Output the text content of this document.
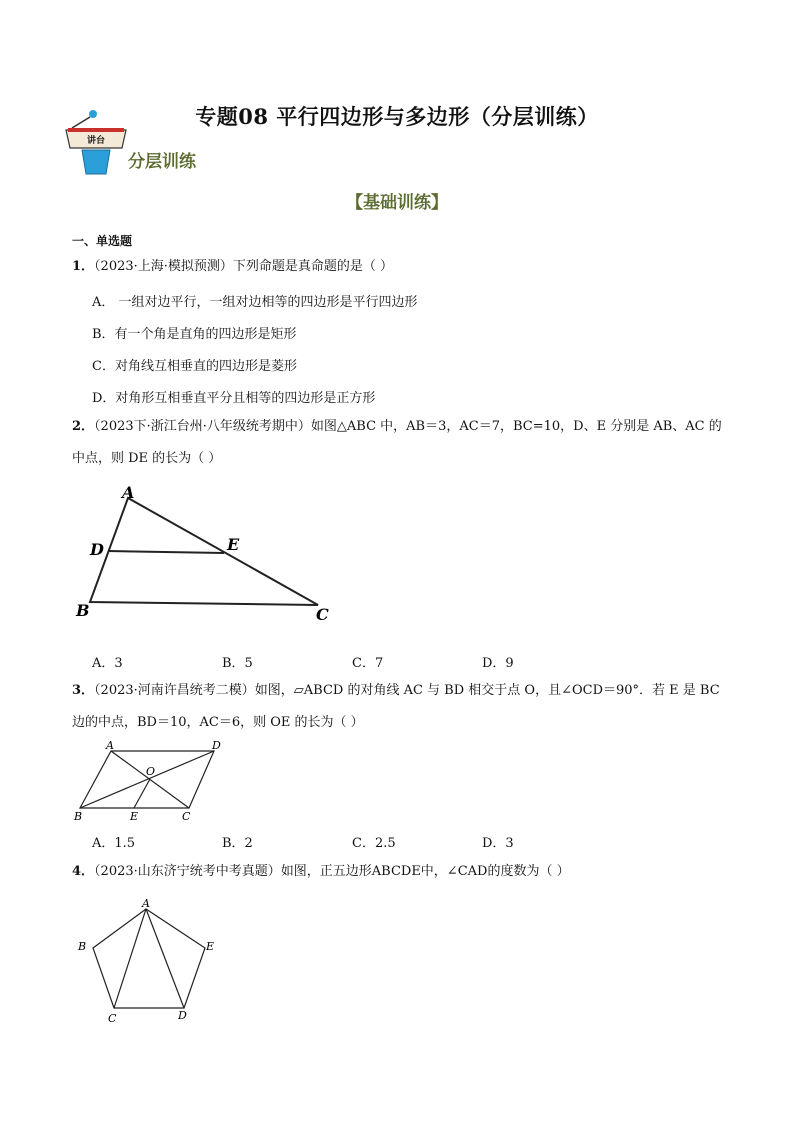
专题08 平行四边形与多边形（分层训练）
讲台
分层训练
【基础训练】
一、单选题
1．（2023·上海·模拟预测）下列命题是真命题的是（ ）
A． 一组对边平行，一组对边相等的四边形是平行四边形
B．有一个角是直角的四边形是矩形
C．对角线互相垂直的四边形是菱形
D．对角形互相垂直平分且相等的四边形是正方形
2．（2023下·浙江台州·八年级统考期中）如图△ABC 中，AB＝3，AC＝7，BC=10，D、E 分别是 AB、AC 的
中点，则 DE 的长为（ ）
A
D	E
B	C
A．3	B．5	C．7	D．9
3．（2023·河南许昌统考二模）如图，▱ABCD 的对角线 AC 与 BD 相交于点 O，且∠OCD＝90°．若 E 是 BC
边的中点，BD＝10，AC＝6，则 OE 的长为（ ）
A	D
O
B	E	C
A．1.5	B．2	C．2.5	D．3
4．（2023·山东济宁统考中考真题）如图，正五边形ABCDE中，∠CAD的度数为（ ）
A
B	E
C	D
